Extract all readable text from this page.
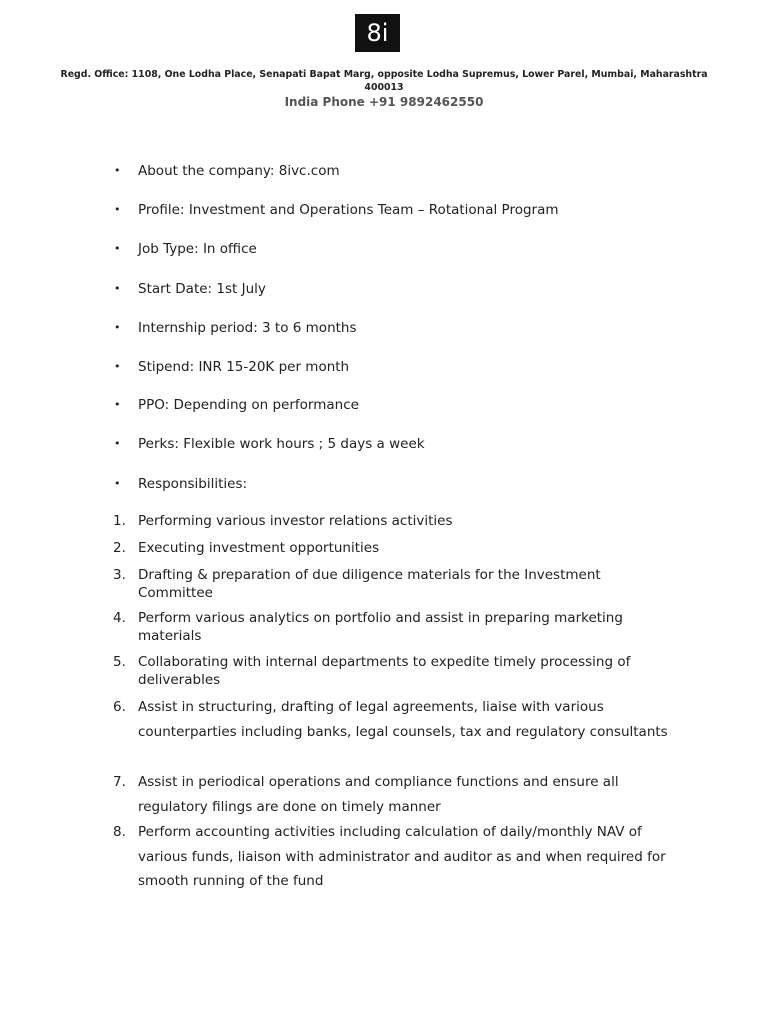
8i
Regd. Office: 1108, One Lodha Place, Senapati Bapat Marg, opposite Lodha Supremus, Lower Parel, Mumbai, Maharashtra 400013
India Phone +91 9892462550
• About the company: 8ivc.com
• Profile: Investment and Operations Team – Rotational Program
• Job Type: In office
• Start Date: 1st July
• Internship period: 3 to 6 months
• Stipend: INR 15-20K per month
• PPO: Depending on performance
• Perks: Flexible work hours ; 5 days a week
• Responsibilities:
1. Performing various investor relations activities
2. Executing investment opportunities
3. Drafting & preparation of due diligence materials for the Investment Committee
4. Perform various analytics on portfolio and assist in preparing marketing materials
5. Collaborating with internal departments to expedite timely processing of deliverables
6. Assist in structuring, drafting of legal agreements, liaise with various counterparties including banks, legal counsels, tax and regulatory consultants
7. Assist in periodical operations and compliance functions and ensure all regulatory filings are done on timely manner
8. Perform accounting activities including calculation of daily/monthly NAV of various funds, liaison with administrator and auditor as and when required for smooth running of the fund
